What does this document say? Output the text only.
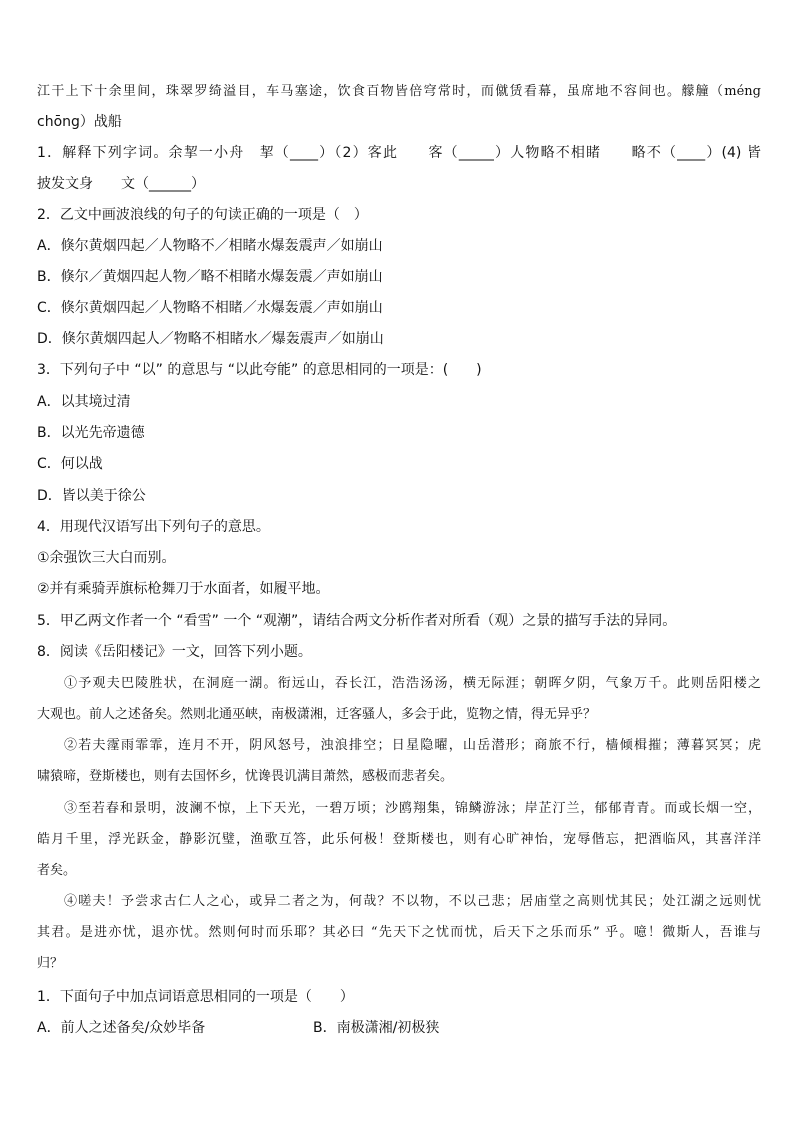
江干上下十余里间，珠翠罗绮溢目，车马塞途，饮食百物皆倍穹常时，而僦赁看幕，虽席地不容间也。艨艟（méng
chōng）战船
1．解释下列字词。余挈一小舟　挈（____）（2）客此　　客（_____）人物略不相睹　　略不（____）(4) 皆
披发文身　　文（______）
2．乙文中画波浪线的句子的句读正确的一项是（　）
A．倏尔黄烟四起／人物略不／相睹水爆轰震声／如崩山
B．倏尔／黄烟四起人物／略不相睹水爆轰震／声如崩山
C．倏尔黄烟四起／人物略不相睹／水爆轰震／声如崩山
D．倏尔黄烟四起人／物略不相睹水／爆轰震声／如崩山
3．下列句子中 “以” 的意思与 “以此夸能” 的意思相同的一项是：(　　)
A．以其境过清
B．以光先帝遗德
C．何以战
D．皆以美于徐公
4．用现代汉语写出下列句子的意思。
①余强饮三大白而别。
②并有乘骑弄旗标枪舞刀于水面者，如履平地。
5．甲乙两文作者一个 “看雪” 一个 “观潮”，请结合两文分析作者对所看（观）之景的描写手法的异同。
8．阅读《岳阳楼记》一文，回答下列小题。
①予观夫巴陵胜状，在洞庭一湖。衔远山，吞长江，浩浩汤汤，横无际涯；朝晖夕阴，气象万千。此则岳阳楼之
大观也。前人之述备矣。然则北通巫峡，南极潇湘，迁客骚人，多会于此，览物之情，得无异乎？
②若夫霪雨霏霏，连月不开，阴风怒号，浊浪排空；日星隐曜，山岳潜形；商旅不行，樯倾楫摧；薄暮冥冥；虎
啸猿啼，登斯楼也，则有去国怀乡，忧谗畏讥满目萧然，感极而悲者矣。
③至若春和景明，波澜不惊，上下天光，一碧万顷；沙鸥翔集，锦鳞游泳；岸芷汀兰，郁郁青青。而或长烟一空，
皓月千里，浮光跃金，静影沉璧，渔歌互答，此乐何极！登斯楼也，则有心旷神怡，宠辱偕忘，把酒临风，其喜洋洋
者矣。
④嗟夫！予尝求古仁人之心，或异二者之为，何哉？不以物，不以己悲；居庙堂之高则忧其民；处江湖之远则忧
其君。是进亦忧，退亦忧。然则何时而乐耶？其必曰 “先天下之忧而忧，后天下之乐而乐” 乎。噫！微斯人，吾谁与
归？
1．下面句子中加点词语意思相同的一项是（　　）
A．前人之述备矣/众妙毕备	B．南极潇湘/初极狭
